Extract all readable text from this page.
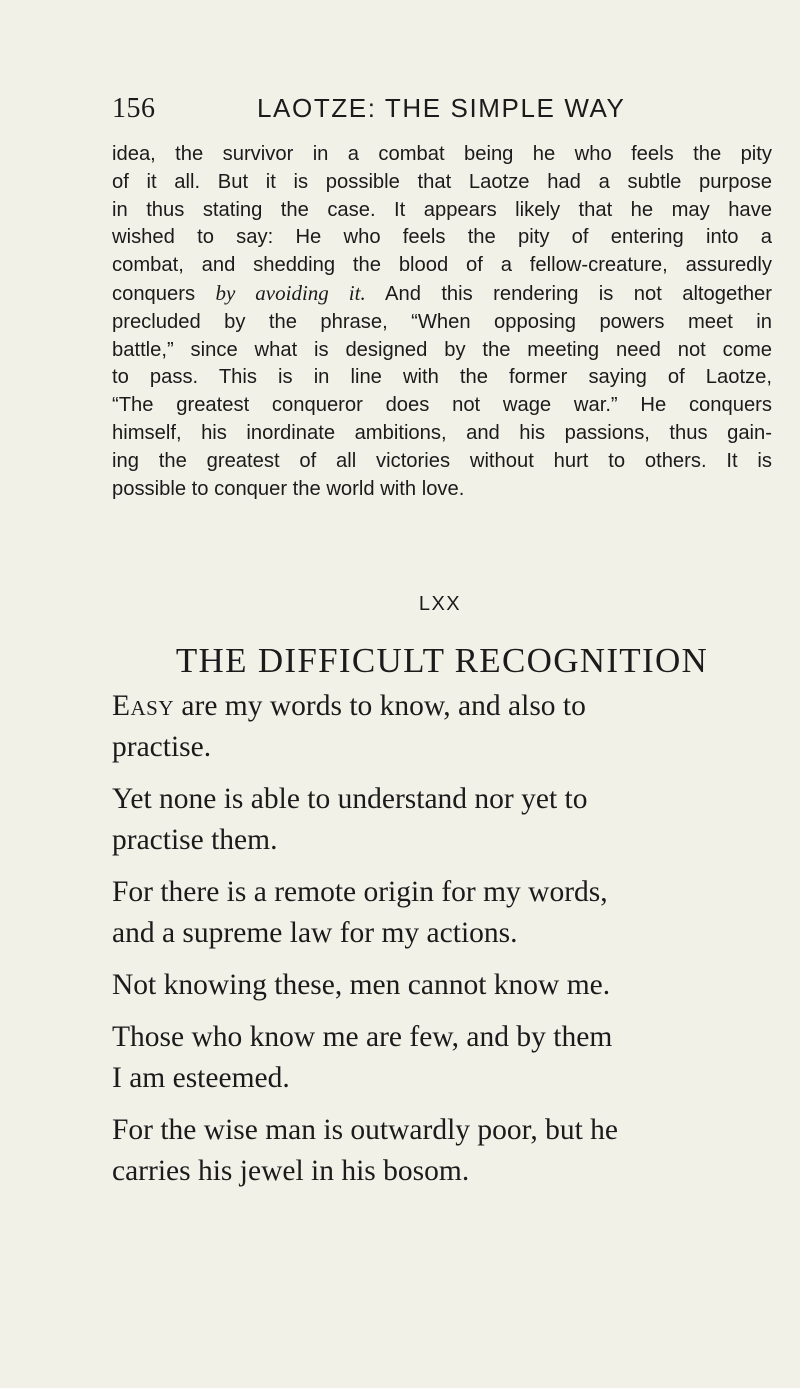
156	LAOTZE: THE SIMPLE WAY
idea, the survivor in a combat being he who feels the pity
of it all. But it is possible that Laotze had a subtle purpose
in thus stating the case. It appears likely that he may have
wished to say: He who feels the pity of entering into a
combat, and shedding the blood of a fellow-creature, assuredly
conquers by avoiding it. And this rendering is not altogether
precluded by the phrase, “When opposing powers meet in
battle,” since what is designed by the meeting need not come
to pass. This is in line with the former saying of Laotze,
“The greatest conqueror does not wage war.” He conquers
himself, his inordinate ambitions, and his passions, thus gain-
ing the greatest of all victories without hurt to others. It is
possible to conquer the world with love.
LXX
THE DIFFICULT RECOGNITION

Easy are my words to know, and also to
practise.

Yet none is able to understand nor yet to
practise them.

For there is a remote origin for my words,
and a supreme law for my actions.

Not knowing these, men cannot know me.

Those who know me are few, and by them
I am esteemed.

For the wise man is outwardly poor, but he
carries his jewel in his bosom.
